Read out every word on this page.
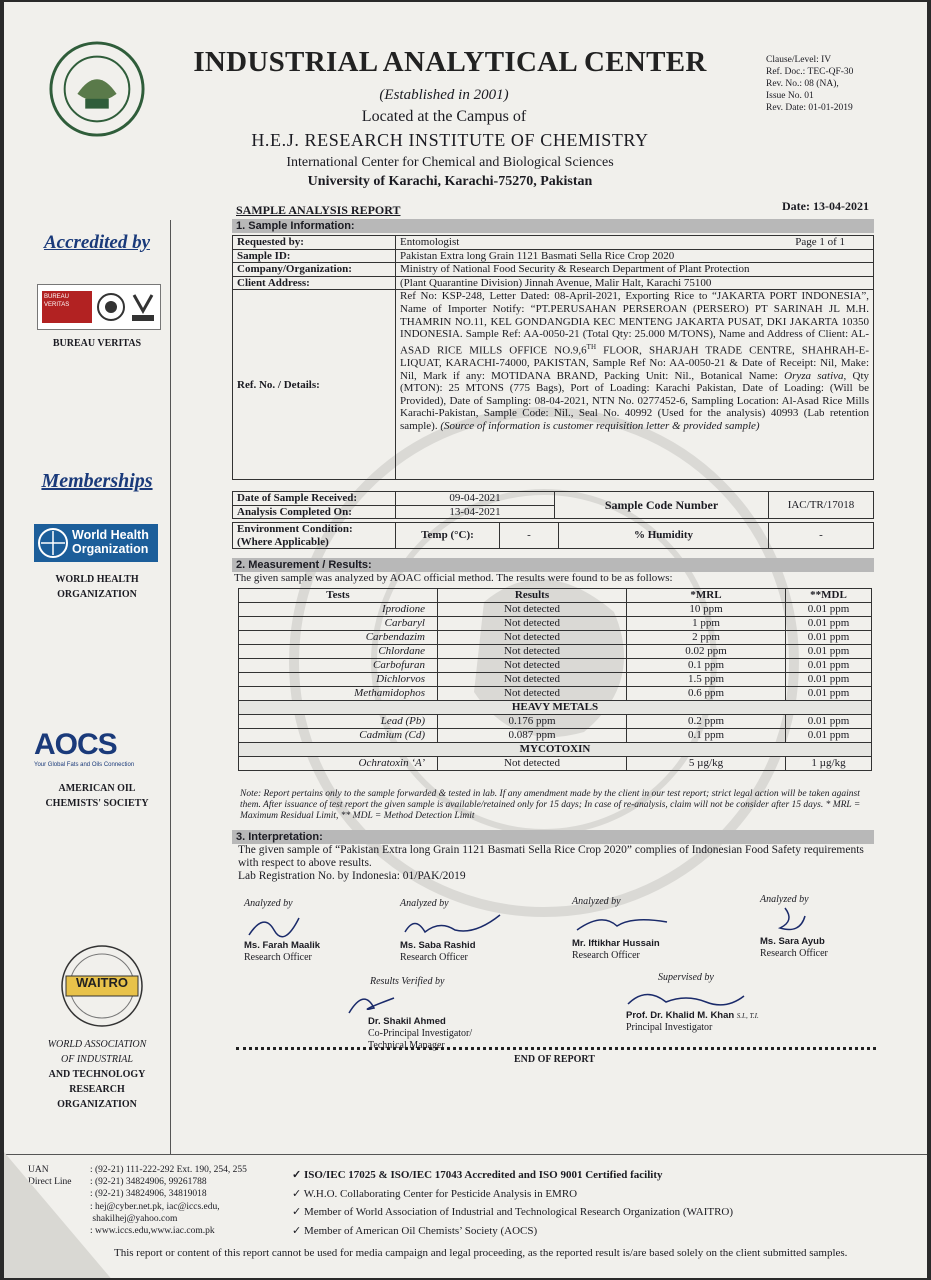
INDUSTRIAL ANALYTICAL CENTER
(Established in 2001)
Located at the Campus of
H.E.J. RESEARCH INSTITUTE OF CHEMISTRY
International Center for Chemical and Biological Sciences
University of Karachi, Karachi-75270, Pakistan
Clause/Level: IV
Ref. Doc.: TEC-QF-30
Rev. No.: 08 (NA),
Issue No. 01
Rev. Date: 01-01-2019
Accredited by
BUREAU VERITAS
BUREAU VERITAS
Memberships
World Health
Organization
WORLD HEALTH
ORGANIZATION
AOCS
Your Global Fats and Oils Connection
AMERICAN OIL
CHEMISTS' SOCIETY
WAITRO
WORLD ASSOCIATION
OF INDUSTRIAL
AND TECHNOLOGY
RESEARCH
ORGANIZATION
SAMPLE ANALYSIS REPORT	Date: 13-04-2021
1. Sample Information:
Requested by:	Entomologist Page 1 of 1

Sample ID:	Pakistan Extra long Grain 1121 Basmati Sella Rice Crop 2020
Company/Organization:	Ministry of National Food Security & Research Department of Plant Protection
Client Address:	(Plant Quarantine Division) Jinnah Avenue, Malir Halt, Karachi 75100
Ref. No. / Details:	Ref No: KSP-248, Letter Dated: 08-April-2021, Exporting Rice to “JAKARTA PORT INDONESIA”, Name of Importer Notify: “PT.PERUSAHAN PERSEROAN (PERSERO) PT SARINAH JL M.H. THAMRIN NO.11, KEL GONDANGDIA KEC MENTENG JAKARTA PUSAT, DKI JAKARTA 10350 INDONESIA. Sample Ref: AA-0050-21 (Total Qty: 25.000 M/TONS), Name and Address of Client: AL-ASAD RICE MILLS OFFICE NO.9,6TH FLOOR, SHARJAH TRADE CENTRE, SHAHRAH-E-LIQUAT, KARACHI-74000, PAKISTAN, Sample Ref No: AA-0050-21 & Date of Receipt: Nil, Make: Nil, Mark if any: MOTIDANA BRAND, Packing Unit: Nil., Botanical Name: Oryza sativa, Qty (MTON): 25 MTONS (775 Bags), Port of Loading: Karachi Pakistan, Date of Loading: (Will be Provided), Date of Sampling: 08-04-2021, NTN No. 0277452-6, Sampling Location: Al-Asad Rice Mills Karachi-Pakistan, Sample Code: Nil., Seal No. 40992 (Used for the analysis) 40993 (Lab retention sample). (Source of information is customer requisition letter & provided sample)
Date of Sample Received:	09-04-2021	Sample Code Number	IAC/TR/17018
Analysis Completed On:	13-04-2021		
Environment Condition:
(Where Applicable)
	Temp (°C):	-	% Humidity	-
2. Measurement / Results:
The given sample was analyzed by AOAC official method. The results were found to be as follows:
Tests	Results	*MRL	**MDL
Iprodione	Not detected	10 ppm	0.01 ppm
Carbaryl	Not detected	1 ppm	0.01 ppm
Carbendazim	Not detected	2 ppm	0.01 ppm
Chlordane	Not detected	0.02 ppm	0.01 ppm
Carbofuran	Not detected	0.1 ppm	0.01 ppm
Dichlorvos	Not detected	1.5 ppm	0.01 ppm
Methamidophos	Not detected	0.6 ppm	0.01 ppm
HEAVY METALS			
Lead (Pb)	0.176 ppm	0.2 ppm	0.01 ppm
Cadmium (Cd)	0.087 ppm	0.1 ppm	0.01 ppm
MYCOTOXIN			
Ochratoxin ‘A’	Not detected	5 µg/kg	1 µg/kg
Note: Report pertains only to the sample forwarded & tested in lab. If any amendment made by the client in our test report; strict legal action will be taken against them. After issuance of test report the given sample is available/retained only for 15 days; In case of re-analysis, claim will not be consider after 15 days. * MRL = Maximum Residual Limit, ** MDL = Method Detection Limit
3. Interpretation:
The given sample of “Pakistan Extra long Grain 1121 Basmati Sella Rice Crop 2020” complies of Indonesian Food Safety requirements with respect to above results.
Lab Registration No. by Indonesia: 01/PAK/2019
Analyzed by
Ms. Farah Maalik
Research Officer
Analyzed by
Ms. Saba Rashid
Research Officer
Analyzed by
Mr. Iftikhar Hussain
Research Officer
Analyzed by
Ms. Sara Ayub
Research Officer
Results Verified by
Dr. Shakil Ahmed
Co-Principal Investigator/
Technical Manager
Supervised by
Prof. Dr. Khalid M. Khan S.I., T.I.
Principal Investigator
END OF REPORT
UAN	: (92-21) 111-222-292 Ext. 190, 254, 255
Direct Line : (92-21) 34824906, 99261788
: (92-21) 34824906, 34819018
: hej@cyber.net.pk, iac@iccs.edu,
shakilhej@yahoo.com
: www.iccs.edu,www.iac.com.pk
✓ ISO/IEC 17025 & ISO/IEC 17043 Accredited and ISO 9001 Certified facility
✓ W.H.O. Collaborating Center for Pesticide Analysis in EMRO
✓ Member of World Association of Industrial and Technological Research Organization (WAITRO)
✓ Member of American Oil Chemists’ Society (AOCS)
This report or content of this report cannot be used for media campaign and legal proceeding, as the reported result is/are based solely on the client submitted samples.
